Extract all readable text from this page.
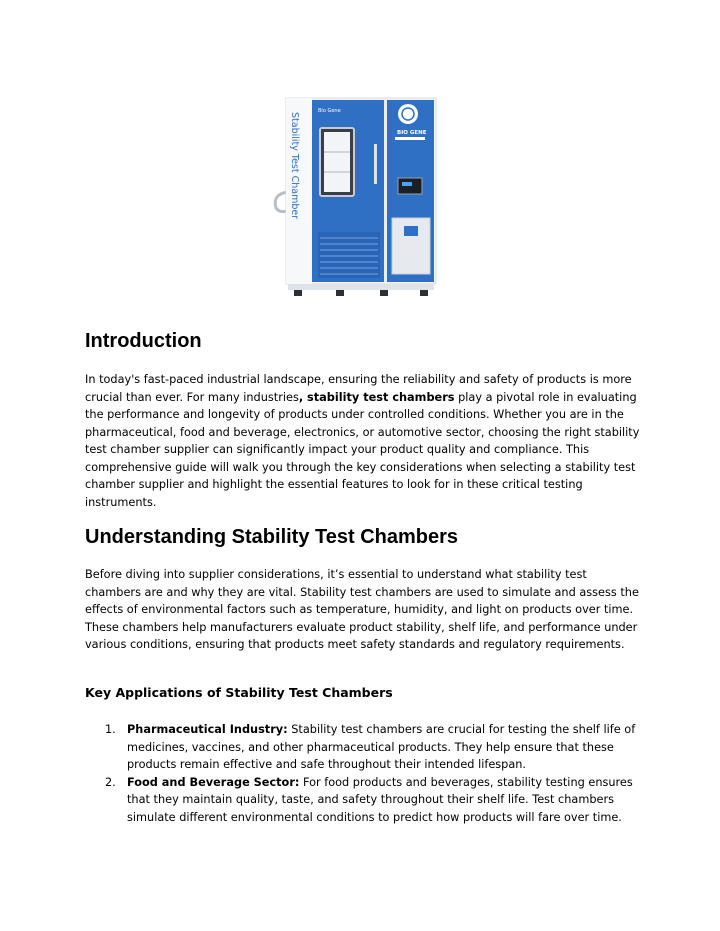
Bio Gene
Stability Test Chamber	BIO GENE
Introduction

In today's fast-paced industrial landscape, ensuring the reliability and safety of products is more crucial than ever. For many industries, stability test chambers play a pivotal role in evaluating the performance and longevity of products under controlled conditions. Whether you are in the pharmaceutical, food and beverage, electronics, or automotive sector, choosing the right stability test chamber supplier can significantly impact your product quality and compliance. This comprehensive guide will walk you through the key considerations when selecting a stability test chamber supplier and highlight the essential features to look for in these critical testing instruments.

Understanding Stability Test Chambers

Before diving into supplier considerations, it’s essential to understand what stability test chambers are and why they are vital. Stability test chambers are used to simulate and assess the effects of environmental factors such as temperature, humidity, and light on products over time. These chambers help manufacturers evaluate product stability, shelf life, and performance under various conditions, ensuring that products meet safety standards and regulatory requirements.

Key Applications of Stability Test Chambers
1. Pharmaceutical Industry: Stability test chambers are crucial for testing the shelf life of medicines, vaccines, and other pharmaceutical products. They help ensure that these products remain effective and safe throughout their intended lifespan.
2. Food and Beverage Sector: For food products and beverages, stability testing ensures that they maintain quality, taste, and safety throughout their shelf life. Test chambers simulate different environmental conditions to predict how products will fare over time.
